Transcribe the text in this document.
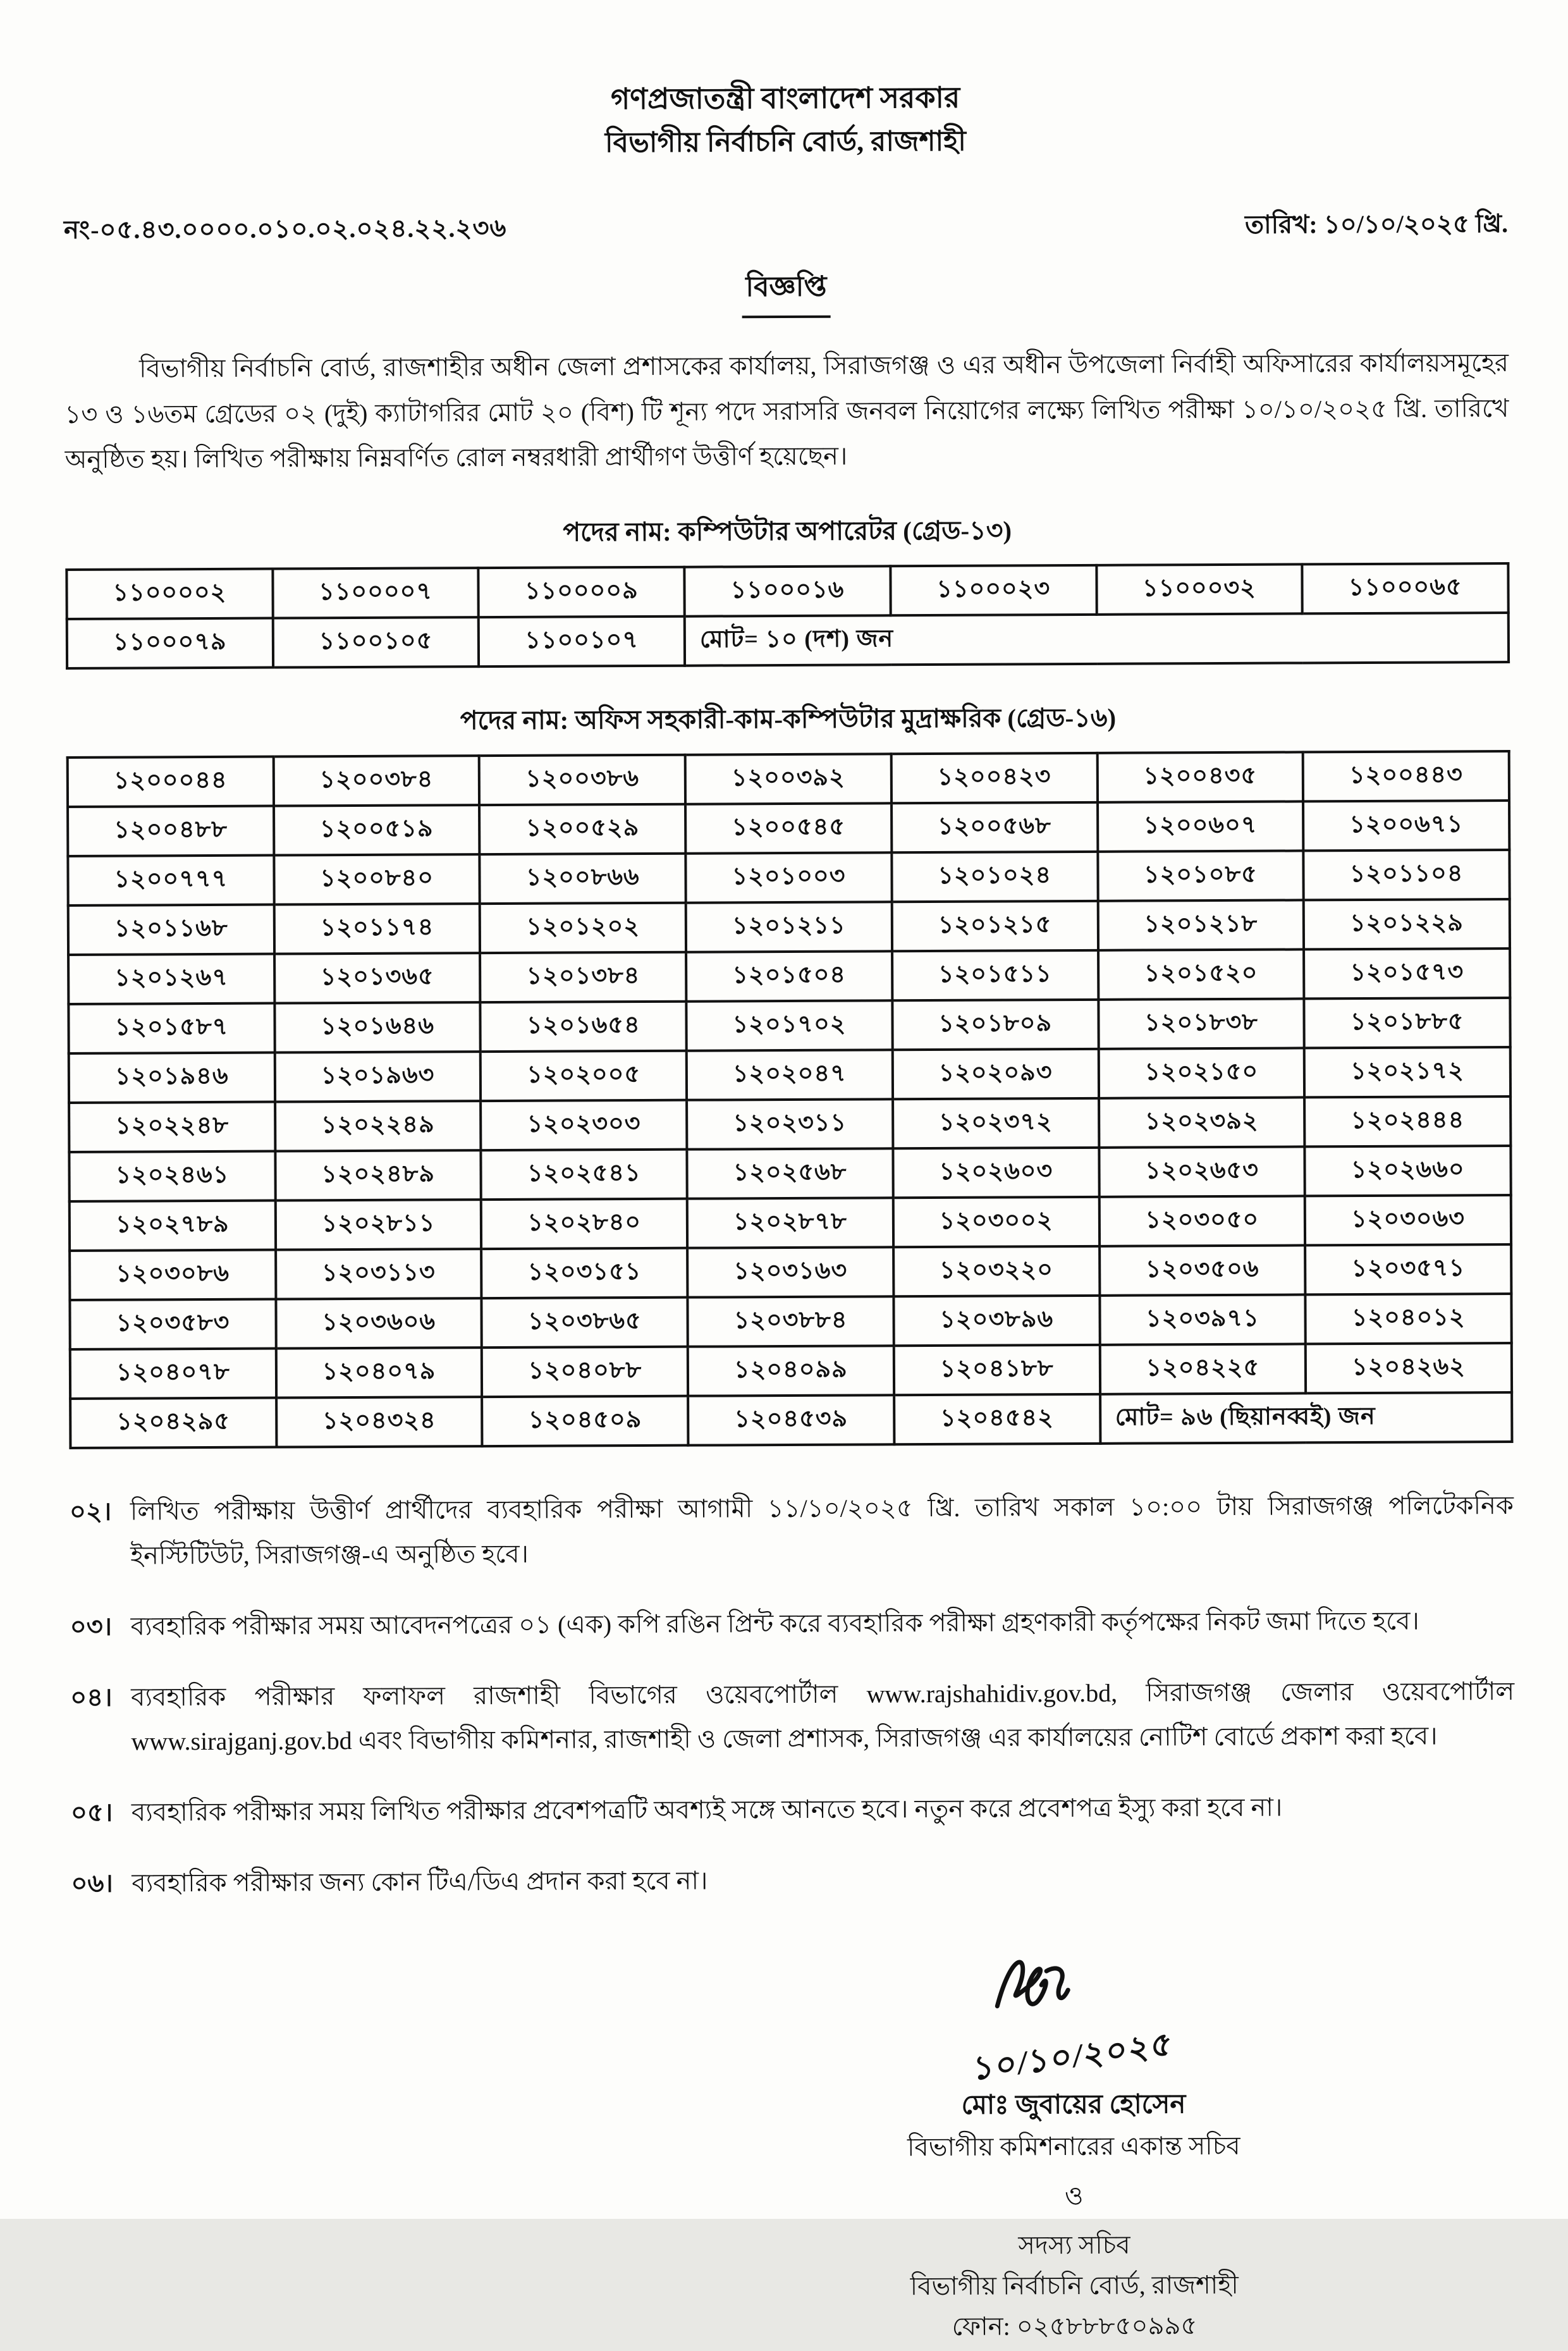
গণপ্রজাতন্ত্রী বাংলাদেশ সরকার
বিভাগীয় নির্বাচনি বোর্ড, রাজশাহী
নং-০৫.৪৩.০০০০.০১০.০২.০২৪.২২.২৩৬	তারিখ: ১০/১০/২০২৫ খ্রি.
বিজ্ঞপ্তি

বিভাগীয় নির্বাচনি বোর্ড, রাজশাহীর অধীন জেলা প্রশাসকের কার্যালয়, সিরাজগঞ্জ ও এর অধীন উপজেলা নির্বাহী অফিসারের কার্যালয়সমূহের ১৩ ও ১৬তম গ্রেডের ০২ (দুই) ক্যাটাগরির মোট ২০ (বিশ) টি শূন্য পদে সরাসরি জনবল নিয়োগের লক্ষ্যে লিখিত পরীক্ষা ১০/১০/২০২৫ খ্রি. তারিখে অনুষ্ঠিত হয়। লিখিত পরীক্ষায় নিম্নবর্ণিত রোল নম্বরধারী প্রার্থীগণ উত্তীর্ণ হয়েছেন।

পদের নাম: কম্পিউটার অপারেটর (গ্রেড-১৩)
১১০০০০২	১১০০০০৭	১১০০০০৯	১১০০০১৬	১১০০০২৩	১১০০০৩২	১১০০০৬৫
১১০০০৭৯	১১০০১০৫	১১০০১০৭	মোট= ১০ (দশ) জন			
পদের নাম: অফিস সহকারী-কাম-কম্পিউটার মুদ্রাক্ষরিক (গ্রেড-১৬)
১২০০০৪৪	১২০০৩৮৪	১২০০৩৮৬	১২০০৩৯২	১২০০৪২৩	১২০০৪৩৫	১২০০৪৪৩
১২০০৪৮৮	১২০০৫১৯	১২০০৫২৯	১২০০৫৪৫	১২০০৫৬৮	১২০০৬০৭	১২০০৬৭১
১২০০৭৭৭	১২০০৮৪০	১২০০৮৬৬	১২০১০০৩	১২০১০২৪	১২০১০৮৫	১২০১১০৪
১২০১১৬৮	১২০১১৭৪	১২০১২০২	১২০১২১১	১২০১২১৫	১২০১২১৮	১২০১২২৯
১২০১২৬৭	১২০১৩৬৫	১২০১৩৮৪	১২০১৫০৪	১২০১৫১১	১২০১৫২০	১২০১৫৭৩
১২০১৫৮৭	১২০১৬৪৬	১২০১৬৫৪	১২০১৭০২	১২০১৮০৯	১২০১৮৩৮	১২০১৮৮৫
১২০১৯৪৬	১২০১৯৬৩	১২০২০০৫	১২০২০৪৭	১২০২০৯৩	১২০২১৫০	১২০২১৭২
১২০২২৪৮	১২০২২৪৯	১২০২৩০৩	১২০২৩১১	১২০২৩৭২	১২০২৩৯২	১২০২৪৪৪
১২০২৪৬১	১২০২৪৮৯	১২০২৫৪১	১২০২৫৬৮	১২০২৬০৩	১২০২৬৫৩	১২০২৬৬০
১২০২৭৮৯	১২০২৮১১	১২০২৮৪০	১২০২৮৭৮	১২০৩০০২	১২০৩০৫০	১২০৩০৬৩
১২০৩০৮৬	১২০৩১১৩	১২০৩১৫১	১২০৩১৬৩	১২০৩২২০	১২০৩৫০৬	১২০৩৫৭১
১২০৩৫৮৩	১২০৩৬০৬	১২০৩৮৬৫	১২০৩৮৮৪	১২০৩৮৯৬	১২০৩৯৭১	১২০৪০১২
১২০৪০৭৮	১২০৪০৭৯	১২০৪০৮৮	১২০৪০৯৯	১২০৪১৮৮	১২০৪২২৫	১২০৪২৬২
১২০৪২৯৫	১২০৪৩২৪	১২০৪৫০৯	১২০৪৫৩৯	১২০৪৫৪২	মোট= ৯৬ (ছিয়ানব্বই) জন	
০২। লিখিত পরীক্ষায় উত্তীর্ণ প্রার্থীদের ব্যবহারিক পরীক্ষা আগামী ১১/১০/২০২৫ খ্রি. তারিখ সকাল ১০:০০ টায় সিরাজগঞ্জ পলিটেকনিক ইনস্টিটিউট, সিরাজগঞ্জ-এ অনুষ্ঠিত হবে।
০৩। ব্যবহারিক পরীক্ষার সময় আবেদনপত্রের ০১ (এক) কপি রঙিন প্রিন্ট করে ব্যবহারিক পরীক্ষা গ্রহণকারী কর্তৃপক্ষের নিকট জমা দিতে হবে।
০৪। ব্যবহারিক পরীক্ষার ফলাফল রাজশাহী বিভাগের ওয়েবপোর্টাল www.rajshahidiv.gov.bd, সিরাজগঞ্জ জেলার ওয়েবপোর্টাল www.sirajganj.gov.bd এবং বিভাগীয় কমিশনার, রাজশাহী ও জেলা প্রশাসক, সিরাজগঞ্জ এর কার্যালয়ের নোটিশ বোর্ডে প্রকাশ করা হবে।
০৫। ব্যবহারিক পরীক্ষার সময় লিখিত পরীক্ষার প্রবেশপত্রটি অবশ্যই সঙ্গে আনতে হবে। নতুন করে প্রবেশপত্র ইস্যু করা হবে না।
০৬। ব্যবহারিক পরীক্ষার জন্য কোন টিএ/ডিএ প্রদান করা হবে না।
১০/১০/২০২৫
মোঃ জুবায়ের হোসেন
বিভাগীয় কমিশনারের একান্ত সচিব
ও
সদস্য সচিব
বিভাগীয় নির্বাচনি বোর্ড, রাজশাহী
ফোন: ০২৫৮৮৮৫০৯৯৫
